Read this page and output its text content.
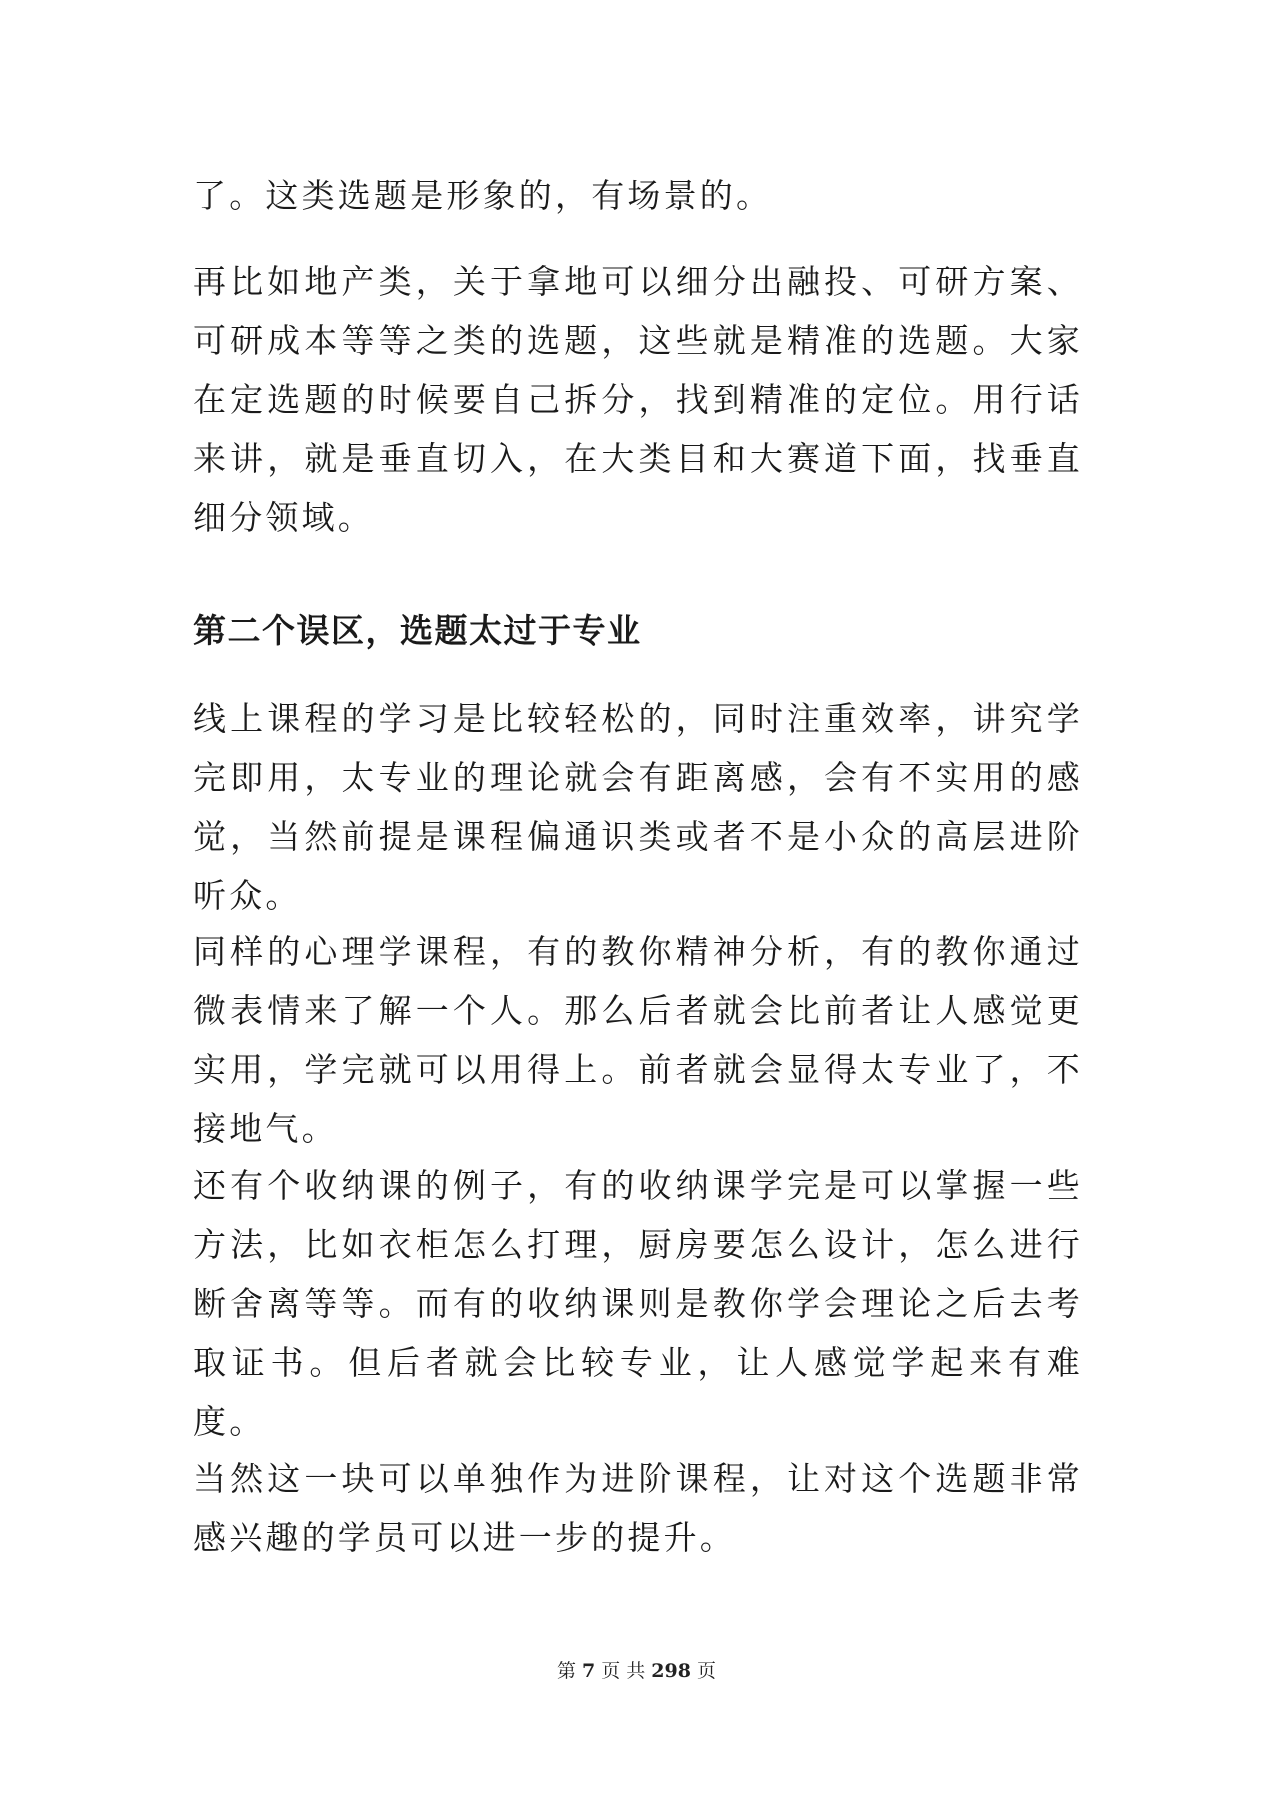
了。这类选题是形象的，有场景的。

再比如地产类，关于拿地可以细分出融投、可研方案、可研成本等等之类的选题，这些就是精准的选题。大家在定选题的时候要自己拆分，找到精准的定位。用行话来讲，就是垂直切入，在大类目和大赛道下面，找垂直细分领域。

第二个误区，选题太过于专业

线上课程的学习是比较轻松的，同时注重效率，讲究学完即用，太专业的理论就会有距离感，会有不实用的感觉，当然前提是课程偏通识类或者不是小众的高层进阶听众。

同样的心理学课程，有的教你精神分析，有的教你通过微表情来了解一个人。那么后者就会比前者让人感觉更实用，学完就可以用得上。前者就会显得太专业了，不接地气。

还有个收纳课的例子，有的收纳课学完是可以掌握一些方法，比如衣柜怎么打理，厨房要怎么设计，怎么进行断舍离等等。而有的收纳课则是教你学会理论之后去考取证书。但后者就会比较专业，让人感觉学起来有难度。

当然这一块可以单独作为进阶课程，让对这个选题非常感兴趣的学员可以进一步的提升。

第 7 页 共 298 页
